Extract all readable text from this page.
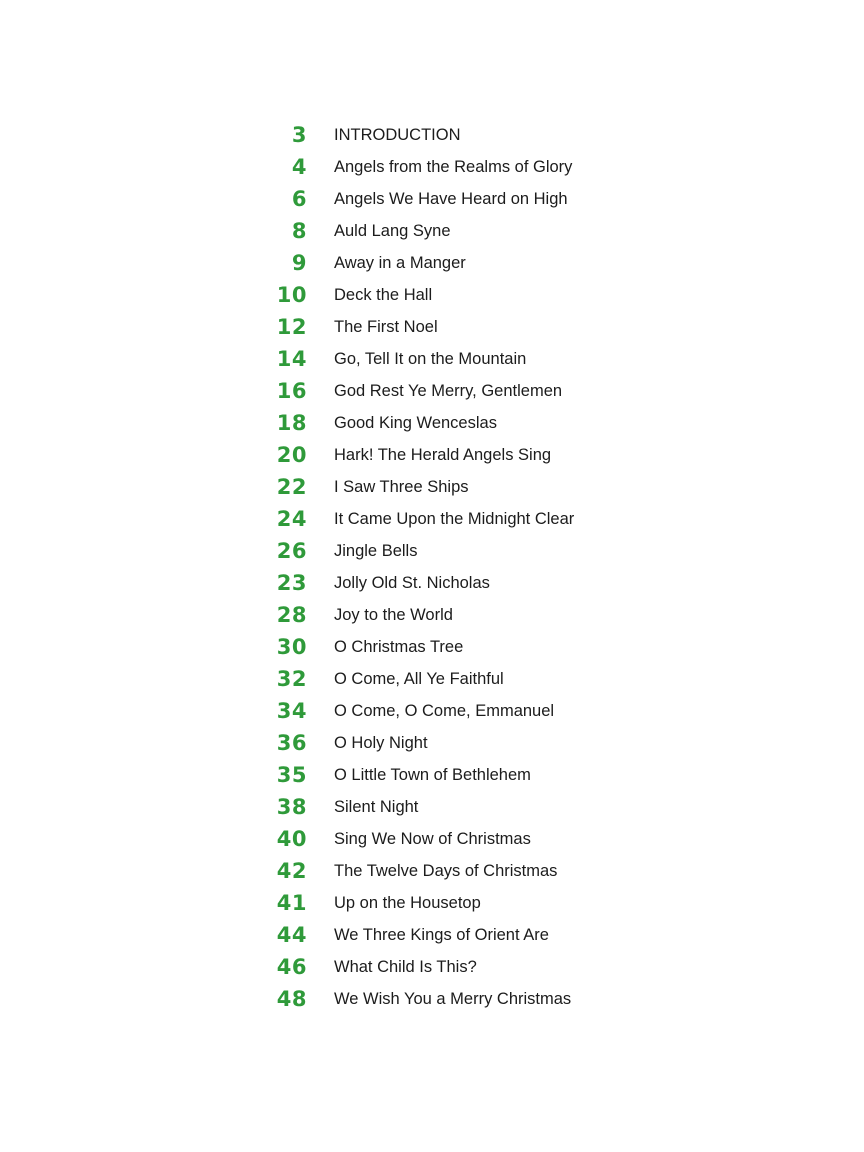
3 INTRODUCTION
4 Angels from the Realms of Glory
6 Angels We Have Heard on High
8 Auld Lang Syne
9 Away in a Manger
10 Deck the Hall
12 The First Noel
14 Go, Tell It on the Mountain
16 God Rest Ye Merry, Gentlemen
18 Good King Wenceslas
20 Hark! The Herald Angels Sing
22 I Saw Three Ships
24 It Came Upon the Midnight Clear
26 Jingle Bells
23 Jolly Old St. Nicholas
28 Joy to the World
30 O Christmas Tree
32 O Come, All Ye Faithful
34 O Come, O Come, Emmanuel
36 O Holy Night
35 O Little Town of Bethlehem
38 Silent Night
40 Sing We Now of Christmas
42 The Twelve Days of Christmas
41 Up on the Housetop
44 We Three Kings of Orient Are
46 What Child Is This?
48 We Wish You a Merry Christmas
